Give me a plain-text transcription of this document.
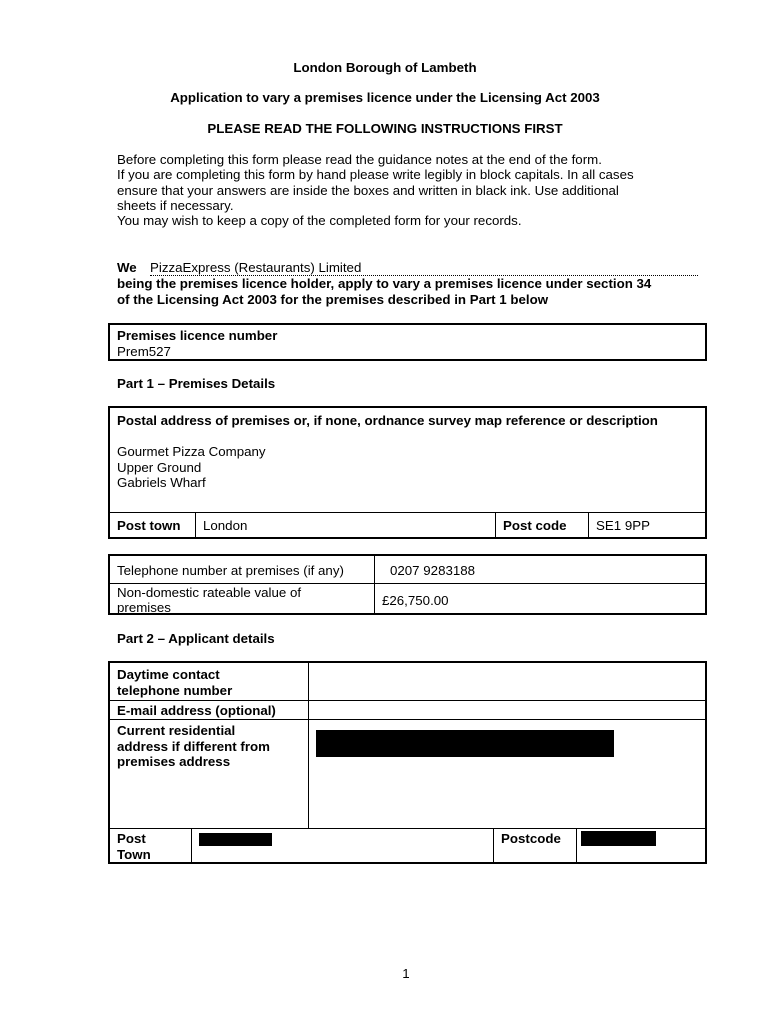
London Borough of Lambeth
Application to vary a premises licence under the Licensing Act 2003
PLEASE READ THE FOLLOWING INSTRUCTIONS FIRST
Before completing this form please read the guidance notes at the end of the form.
If you are completing this form by hand please write legibly in block capitals. In all cases
ensure that your answers are inside the boxes and written in black ink. Use additional
sheets if necessary.
You may wish to keep a copy of the completed form for your records.
We PizzaExpress (Restaurants) Limited
being the premises licence holder, apply to vary a premises licence under section 34
of the Licensing Act 2003 for the premises described in Part 1 below
Premises licence number
Prem527
Part 1 – Premises Details
Postal address of premises or, if none, ordnance survey map reference or description
Gourmet Pizza Company
Upper Ground
Gabriels Wharf
Post town London	Post code SE1 9PP
Telephone number at premises (if any)	0207 9283188
Non-domestic rateable value of
premises	£26,750.00
Part 2 – Applicant details
Daytime contact
telephone number
E-mail address (optional)
Current residential
address if different from
premises address
Post
Town
Postcode
1
